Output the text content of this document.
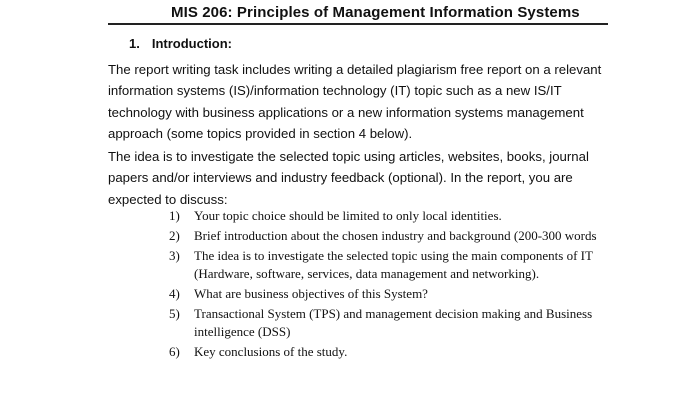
MIS 206: Principles of Management Information Systems
1. Introduction:

The report writing task includes writing a detailed plagiarism free report on a relevant information systems (IS)/information technology (IT) topic such as a new IS/IT technology with business applications or a new information systems management approach (some topics provided in section 4 below).

The idea is to investigate the selected topic using articles, websites, books, journal papers and/or interviews and industry feedback (optional). In the report, you are expected to discuss:

1)	Your topic choice should be limited to only local identities.
2)	Brief introduction about the chosen industry and background (200-300 words
3)	The idea is to investigate the selected topic using the main components of IT (Hardware, software, services, data management and networking).
4)	What are business objectives of this System?
5)	Transactional System (TPS) and management decision making and Business intelligence (DSS)
6)	Key conclusions of the study.
